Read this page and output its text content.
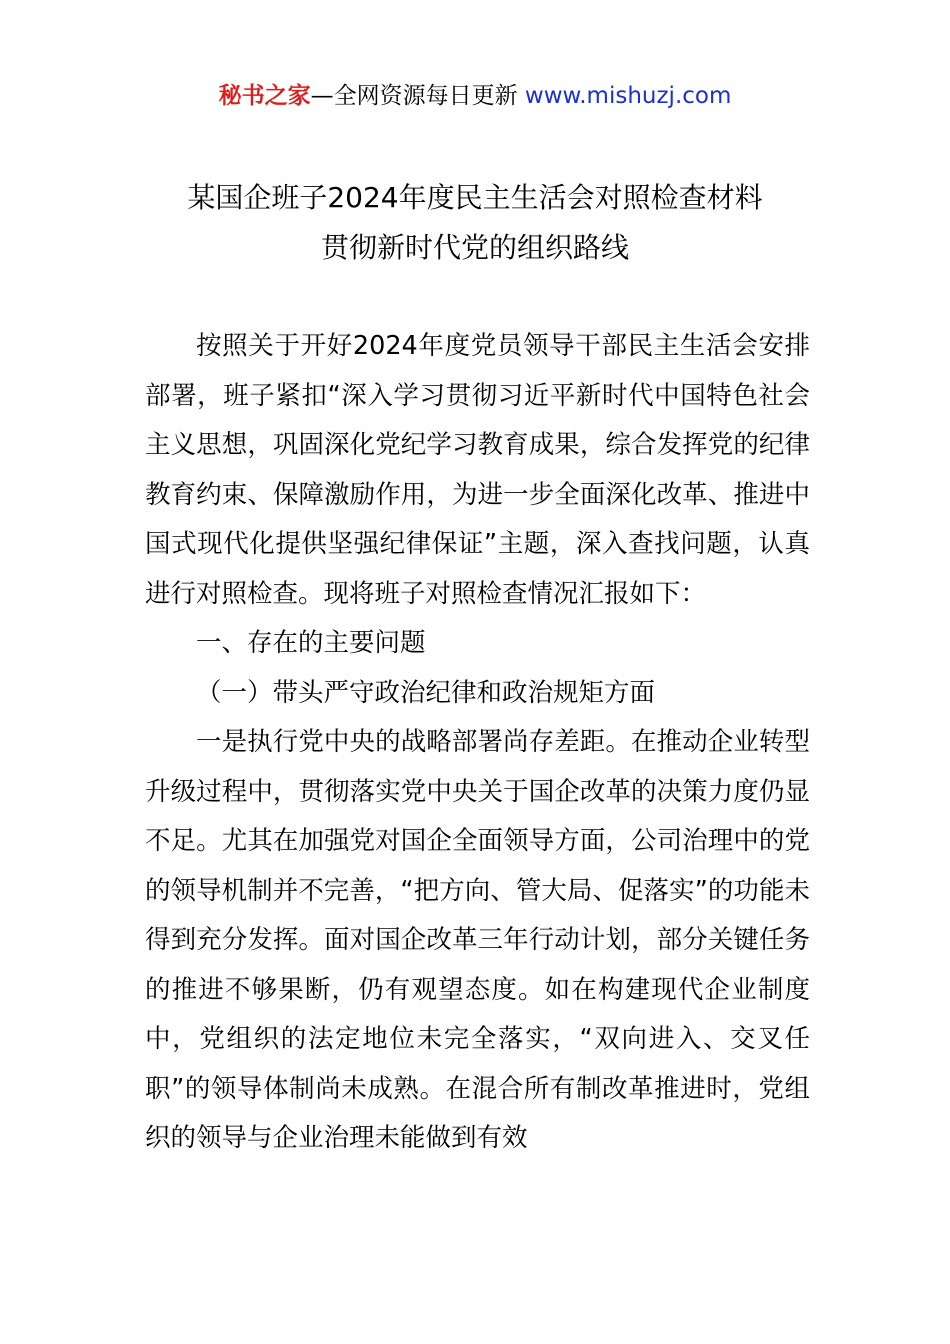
秘书之家—全网资源每日更新 www.mishuzj.com
某国企班子2024年度民主生活会对照检查材料
贯彻新时代党的组织路线

按照关于开好2024年度党员领导干部民主生活会安排部署，班子紧扣“深入学习贯彻习近平新时代中国特色社会主义思想，巩固深化党纪学习教育成果，综合发挥党的纪律教育约束、保障激励作用，为进一步全面深化改革、推进中国式现代化提供坚强纪律保证”主题，深入查找问题，认真进行对照检查。现将班子对照检查情况汇报如下：

一、存在的主要问题

（一）带头严守政治纪律和政治规矩方面

一是执行党中央的战略部署尚存差距。在推动企业转型升级过程中，贯彻落实党中央关于国企改革的决策力度仍显不足。尤其在加强党对国企全面领导方面，公司治理中的党的领导机制并不完善，“把方向、管大局、促落实”的功能未得到充分发挥。面对国企改革三年行动计划，部分关键任务的推进不够果断，仍有观望态度。如在构建现代企业制度中，党组织的法定地位未完全落实，“双向进入、交叉任职”的领导体制尚未成熟。在混合所有制改革推进时，党组织的领导与企业治理未能做到有效
